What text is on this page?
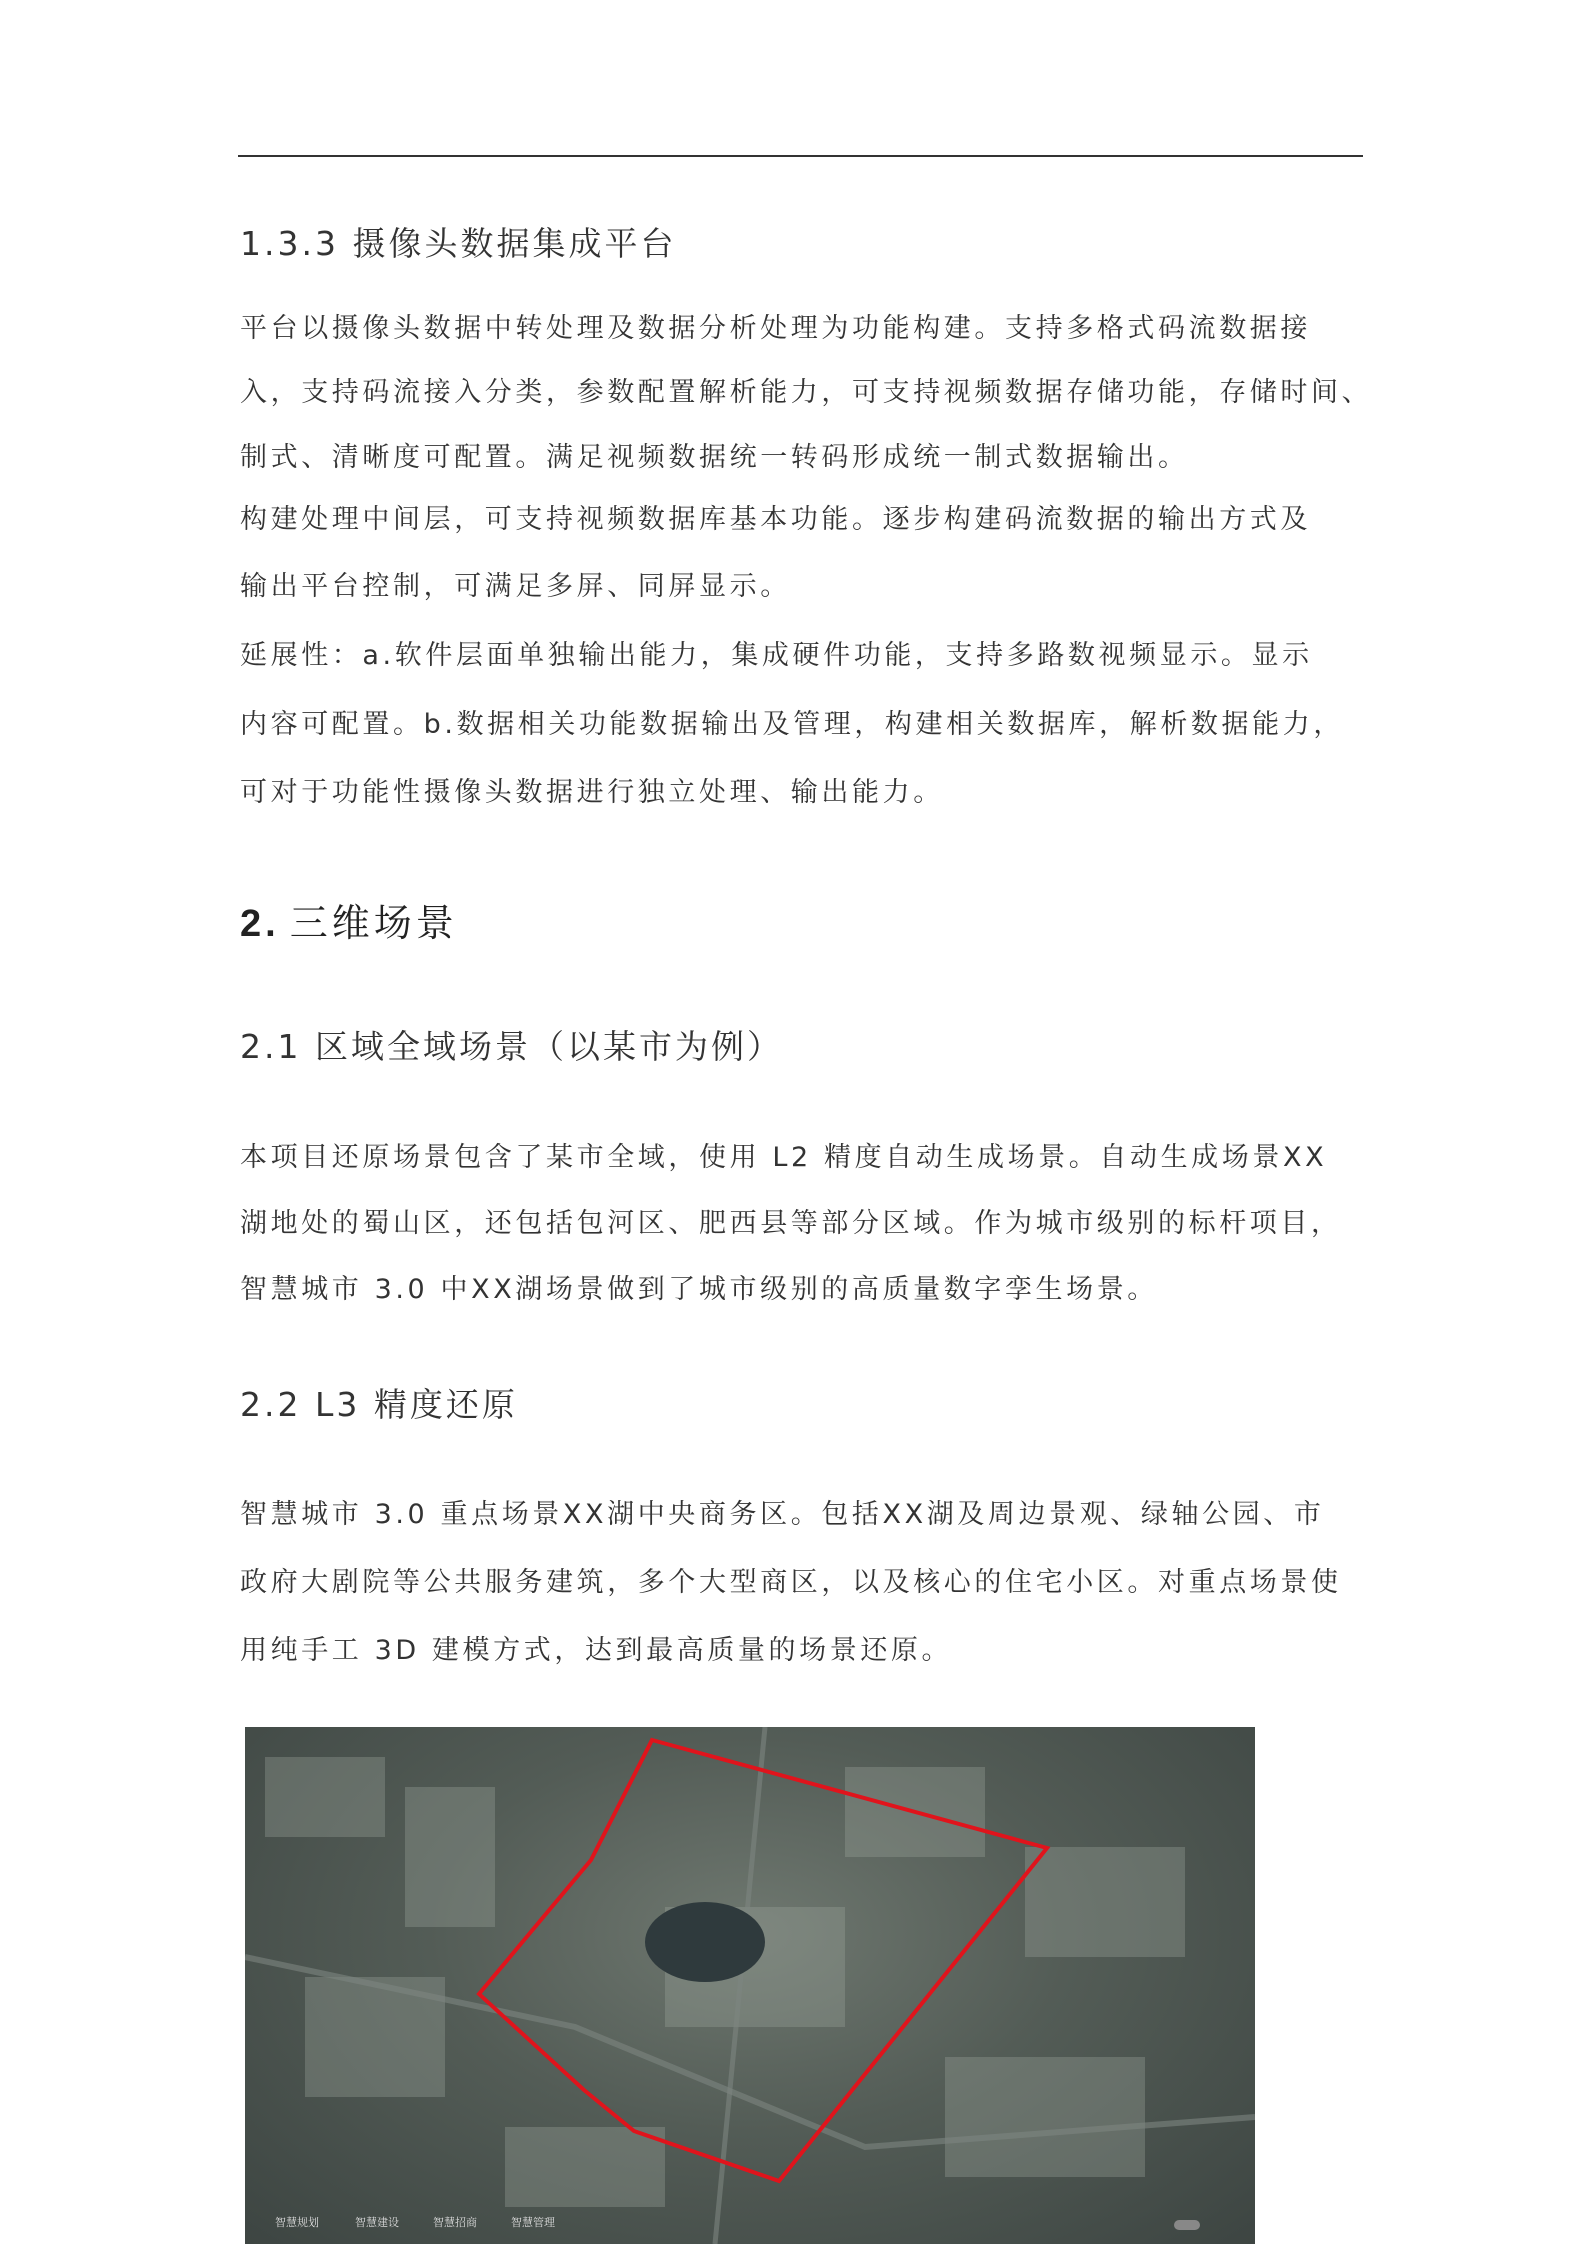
1.3.3 摄像头数据集成平台
平台以摄像头数据中转处理及数据分析处理为功能构建。支持多格式码流数据接
入，支持码流接入分类，参数配置解析能力，可支持视频数据存储功能，存储时间、
制式、清晰度可配置。满足视频数据统一转码形成统一制式数据输出。
构建处理中间层，可支持视频数据库基本功能。逐步构建码流数据的输出方式及
输出平台控制，可满足多屏、同屏显示。
延展性：a.软件层面单独输出能力，集成硬件功能，支持多路数视频显示。显示
内容可配置。b.数据相关功能数据输出及管理，构建相关数据库，解析数据能力，
可对于功能性摄像头数据进行独立处理、输出能力。
2. 三维场景
2.1 区域全域场景（以某市为例）
本项目还原场景包含了某市全域，使用 L2 精度自动生成场景。自动生成场景XX
湖地处的蜀山区，还包括包河区、肥西县等部分区域。作为城市级别的标杆项目，
智慧城市 3.0 中XX湖场景做到了城市级别的高质量数字孪生场景。
2.2 L3 精度还原
智慧城市 3.0 重点场景XX湖中央商务区。包括XX湖及周边景观、绿轴公园、市
政府大剧院等公共服务建筑，多个大型商区，以及核心的住宅小区。对重点场景使
用纯手工 3D 建模方式，达到最高质量的场景还原。
智慧规划	智慧建设	智慧招商	智慧管理
